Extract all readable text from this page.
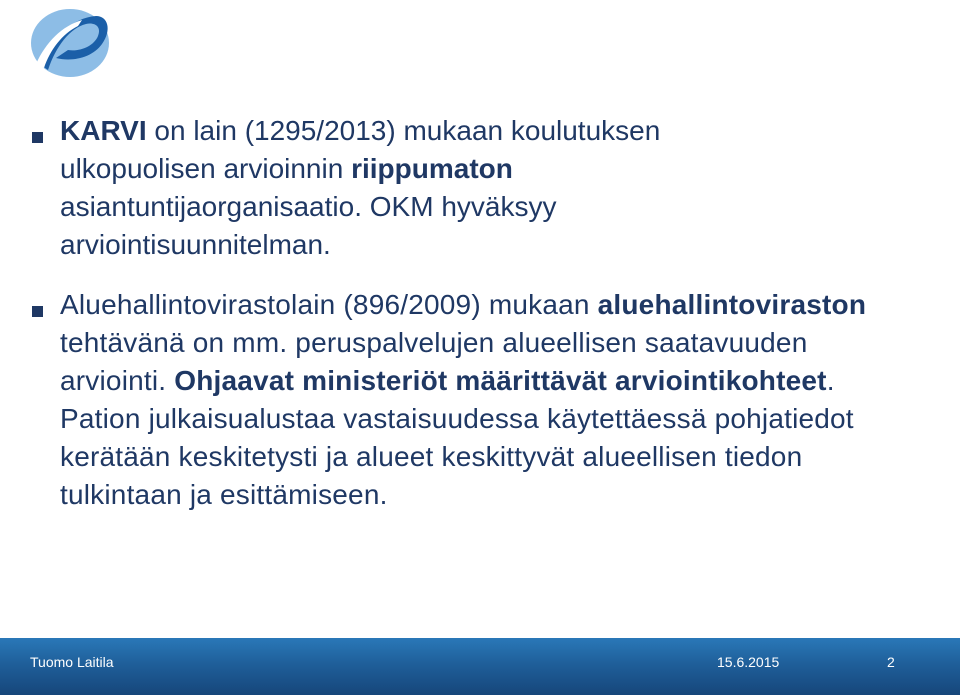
KARVI on lain (1295/2013) mukaan koulutuksen ulkopuolisen arvioinnin riippumaton asiantuntijaorganisaatio. OKM hyväksyy arviointisuunnitelman.
Aluehallintovirastolain (896/2009) mukaan aluehallintoviraston tehtävänä on mm. peruspalvelujen alueellisen saatavuuden arviointi. Ohjaavat ministeriöt määrittävät arviointikohteet. Pation julkaisualustaa vastaisuudessa käytettäessä pohjatiedot kerätään keskitetysti ja alueet keskittyvät alueellisen tiedon tulkintaan ja esittämiseen.
Tuomo Laitila	15.6.2015	2
